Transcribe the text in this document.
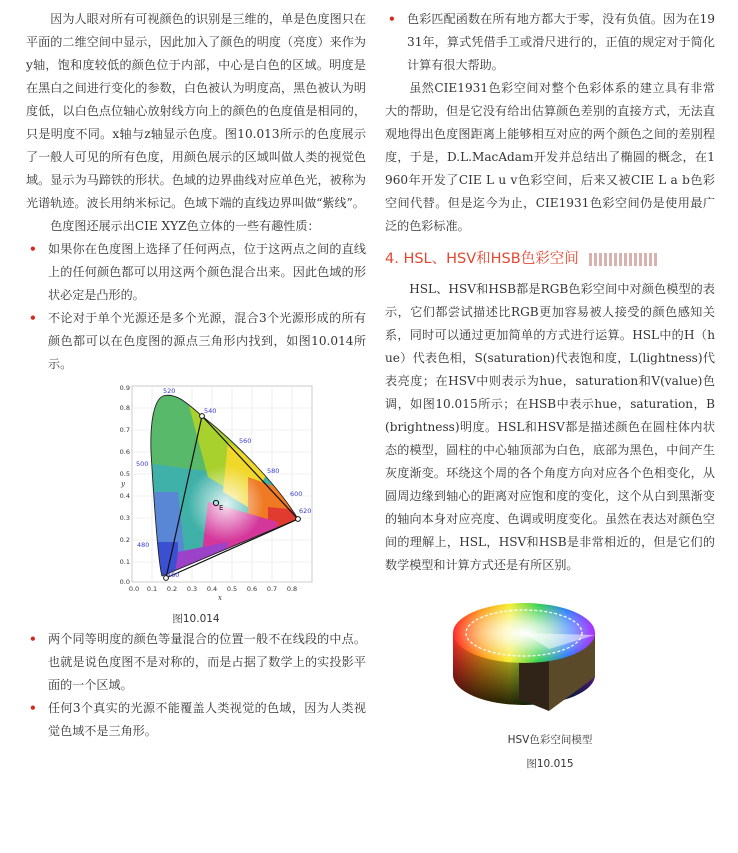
因为人眼对所有可视颜色的识别是三维的，单是色度图只在平面的二维空间中显示，因此加入了颜色的明度（亮度）来作为y轴，饱和度较低的颜色位于内部，中心是白色的区域。明度是在黑白之间进行变化的参数，白色被认为明度高，黑色被认为明度低，以白色点位轴心放射线方向上的颜色的色度值是相同的，只是明度不同。x轴与z轴显示色度。图10.013所示的色度展示了一般人可见的所有色度，用颜色展示的区域叫做人类的视觉色域。显示为马蹄铁的形状。色域的边界曲线对应单色光，被称为光谱轨迹。波长用纳米标记。色域下端的直线边界叫做“紫线”。

色度图还展示出CIE XYZ色立体的一些有趣性质：

• 如果你在色度图上选择了任何两点，位于这两点之间的直线上的任何颜色都可以用这两个颜色混合出来。因此色域的形状必定是凸形的。
• 不论对于单个光源还是多个光源，混合3个光源形成的所有颜色都可以在色度图的源点三角形内找到，如图10.014所示。
E
460
480
500
520
540
560
580
600
620
0.0
0.1
0.2
0.3
0.4
0.5
0.6
0.7
0.8
0.9
y
0.0 0.1 0.2 0.3 0.4 0.5 0.6 0.7 0.8
x
图10.014
• 两个同等明度的颜色等量混合的位置一般不在线段的中点。也就是说色度图不是对称的，而是占据了数学上的实投影平面的一个区域。
• 任何3个真实的光源不能覆盖人类视觉的色域，因为人类视觉色域不是三角形。
• 色彩匹配函数在所有地方都大于零，没有负值。因为在1931年，算式凭借手工或滑尺进行的，正值的规定对于简化计算有很大帮助。

虽然CIE1931色彩空间对整个色彩体系的建立具有非常大的帮助，但是它没有给出估算颜色差别的直接方式，无法直观地得出色度图距离上能够相互对应的两个颜色之间的差别程度，于是，D.L.MacAdam开发并总结出了椭圆的概念，在1960年开发了CIE L u v色彩空间，后来又被CIE L a b色彩空间代替。但是迄今为止，CIE1931色彩空间仍是使用最广泛的色彩标准。

4. HSL、HSV和HSB色彩空间

HSL、HSV和HSB都是RGB色彩空间中对颜色模型的表示，它们都尝试描述比RGB更加容易被人接受的颜色感知关系，同时可以通过更加简单的方式进行运算。HSL中的H（hue）代表色相，S(saturation)代表饱和度，L(lightness)代表亮度；在HSV中则表示为hue，saturation和V(value)色调，如图10.015所示；在HSB中表示hue，saturation，B(brightness)明度。HSL和HSV都是描述颜色在圆柱体内状态的模型，圆柱的中心轴顶部为白色，底部为黑色，中间产生灰度渐变。环绕这个周的各个角度方向对应各个色相变化，从圆周边缘到轴心的距离对应饱和度的变化，这个从白到黑渐变的轴向本身对应亮度、色调或明度变化。虽然在表达对颜色空间的理解上，HSL，HSV和HSB是非常相近的，但是它们的数学模型和计算方式还是有所区别。

HSV色彩空间模型
图10.015
